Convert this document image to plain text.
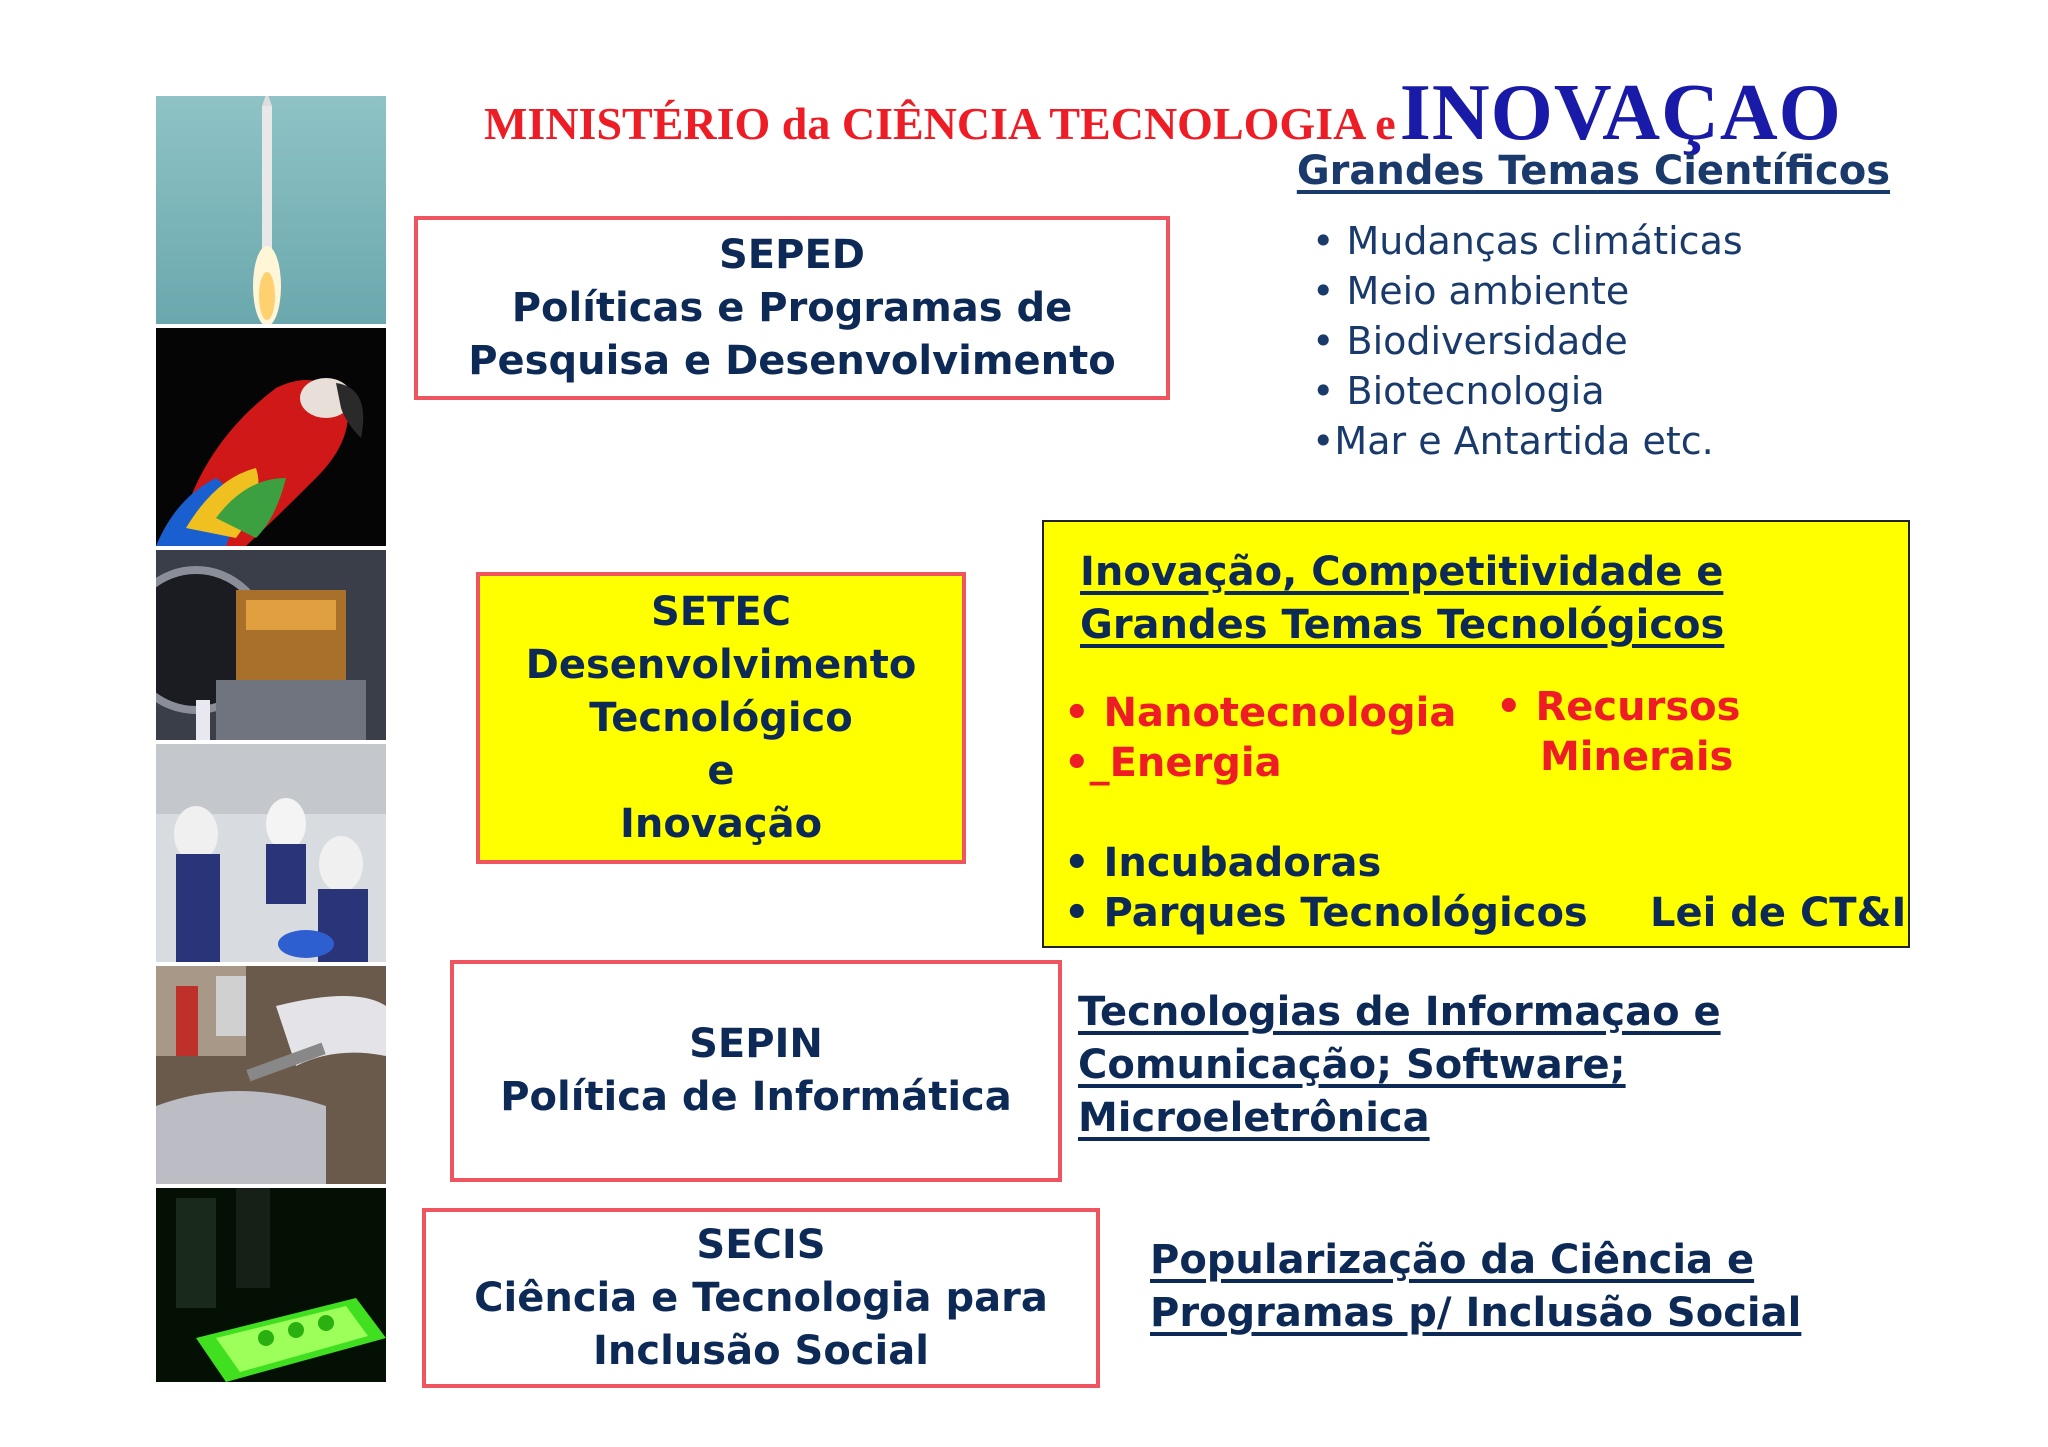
MINISTÉRIO da CIÊNCIA TECNOLOGIA e INOVAÇAO
Grandes Temas Científicos
• Mudanças climáticas
• Meio ambiente
• Biodiversidade
• Biotecnologia
•Mar e Antartida etc.
SEPED
Políticas e Programas de
Pesquisa e Desenvolvimento
SETEC
Desenvolvimento
Tecnológico
e
Inovação
Inovação, Competitividade e
Grandes Temas Tecnológicos
• Nanotecnologia
•_Energia
• Recursos
Minerais
• Incubadoras
• Parques Tecnológicos Lei de CT&I
SEPIN
Política de Informática
Tecnologias de Informaçao e
Comunicação; Software;
Microeletrônica
SECIS
Ciência e Tecnologia para
Inclusão Social
Popularização da Ciência e
Programas p/ Inclusão Social
